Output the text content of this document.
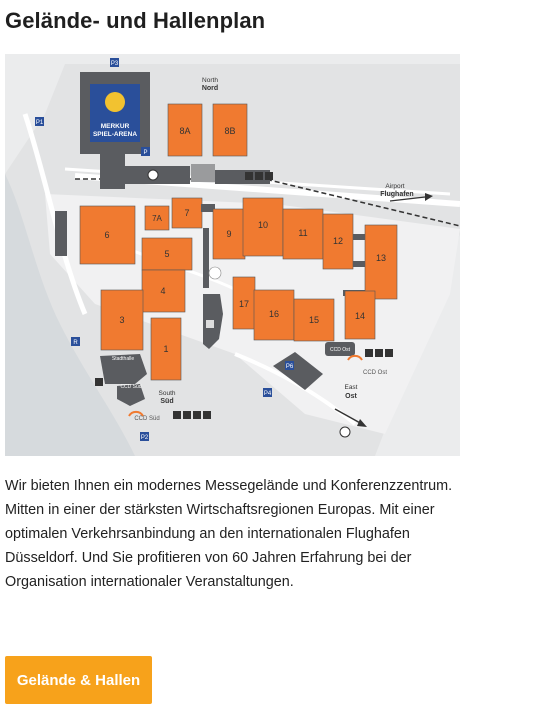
Gelände- und Hallenplan
MERKUR
SPIEL-ARENA	8A	8B
North
Nord
6
7A
7
5
4
3
1
9
10
11
12
13
17
16
15	14
CCD Ost
CCD Ost
East
Ost
Stadthalle
CCD Süd
CCD Süd
South
Süd
Airport
Flughafen
P3
P1
P
P6
P4
P2
R
Wir bieten Ihnen ein modernes Messegelände und Konferenzzentrum. Mitten in einer der stärksten Wirtschaftsregionen Europas. Mit einer optimalen Verkehrsanbindung an den internationalen Flughafen Düsseldorf. Und Sie profitieren von 60 Jahren Erfahrung bei der Organisation internationaler Veranstaltungen.
Gelände & Hallen
